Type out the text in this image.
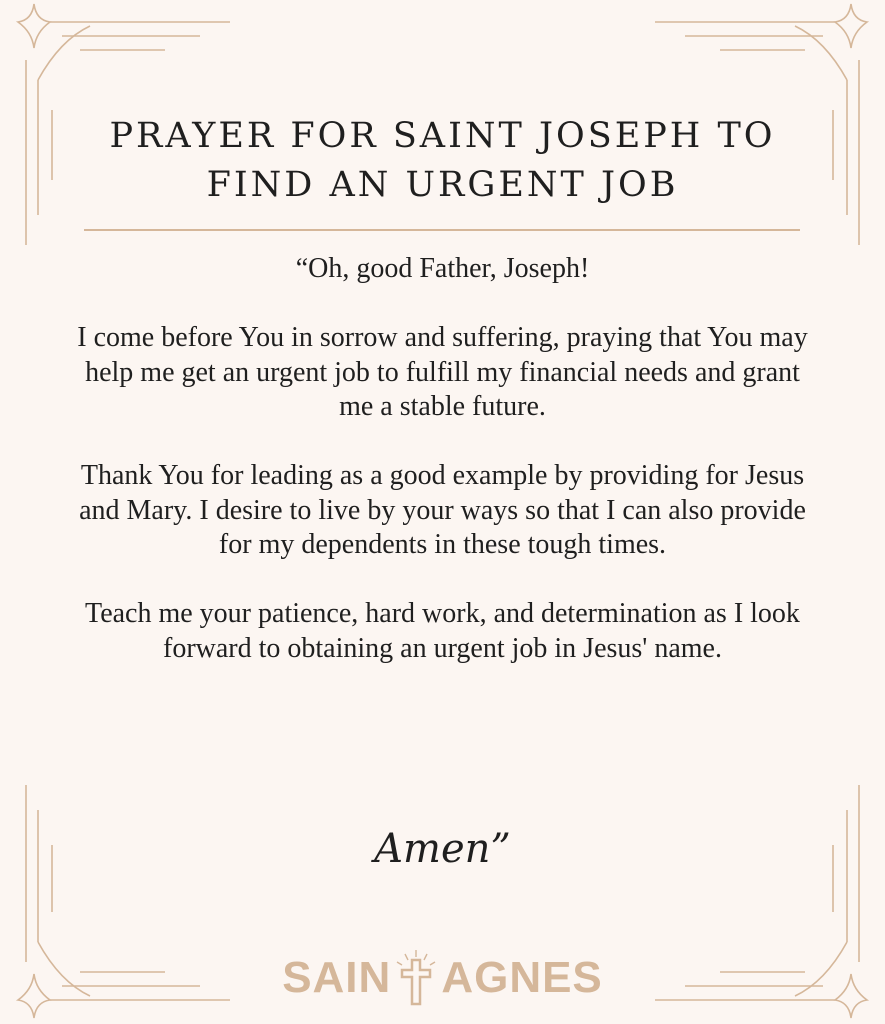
PRAYER FOR SAINT JOSEPH TO
FIND AN URGENT JOB

“Oh, good Father, Joseph!

I come before You in sorrow and suffering, praying that You may help me get an urgent job to fulfill my financial needs and grant me a stable future.

Thank You for leading as a good example by providing for Jesus and Mary. I desire to live by your ways so that I can also provide for my dependents in these tough times.

Teach me your patience, hard work, and determination as I look forward to obtaining an urgent job in Jesus' name.

Amen”
SAIN AGNES
